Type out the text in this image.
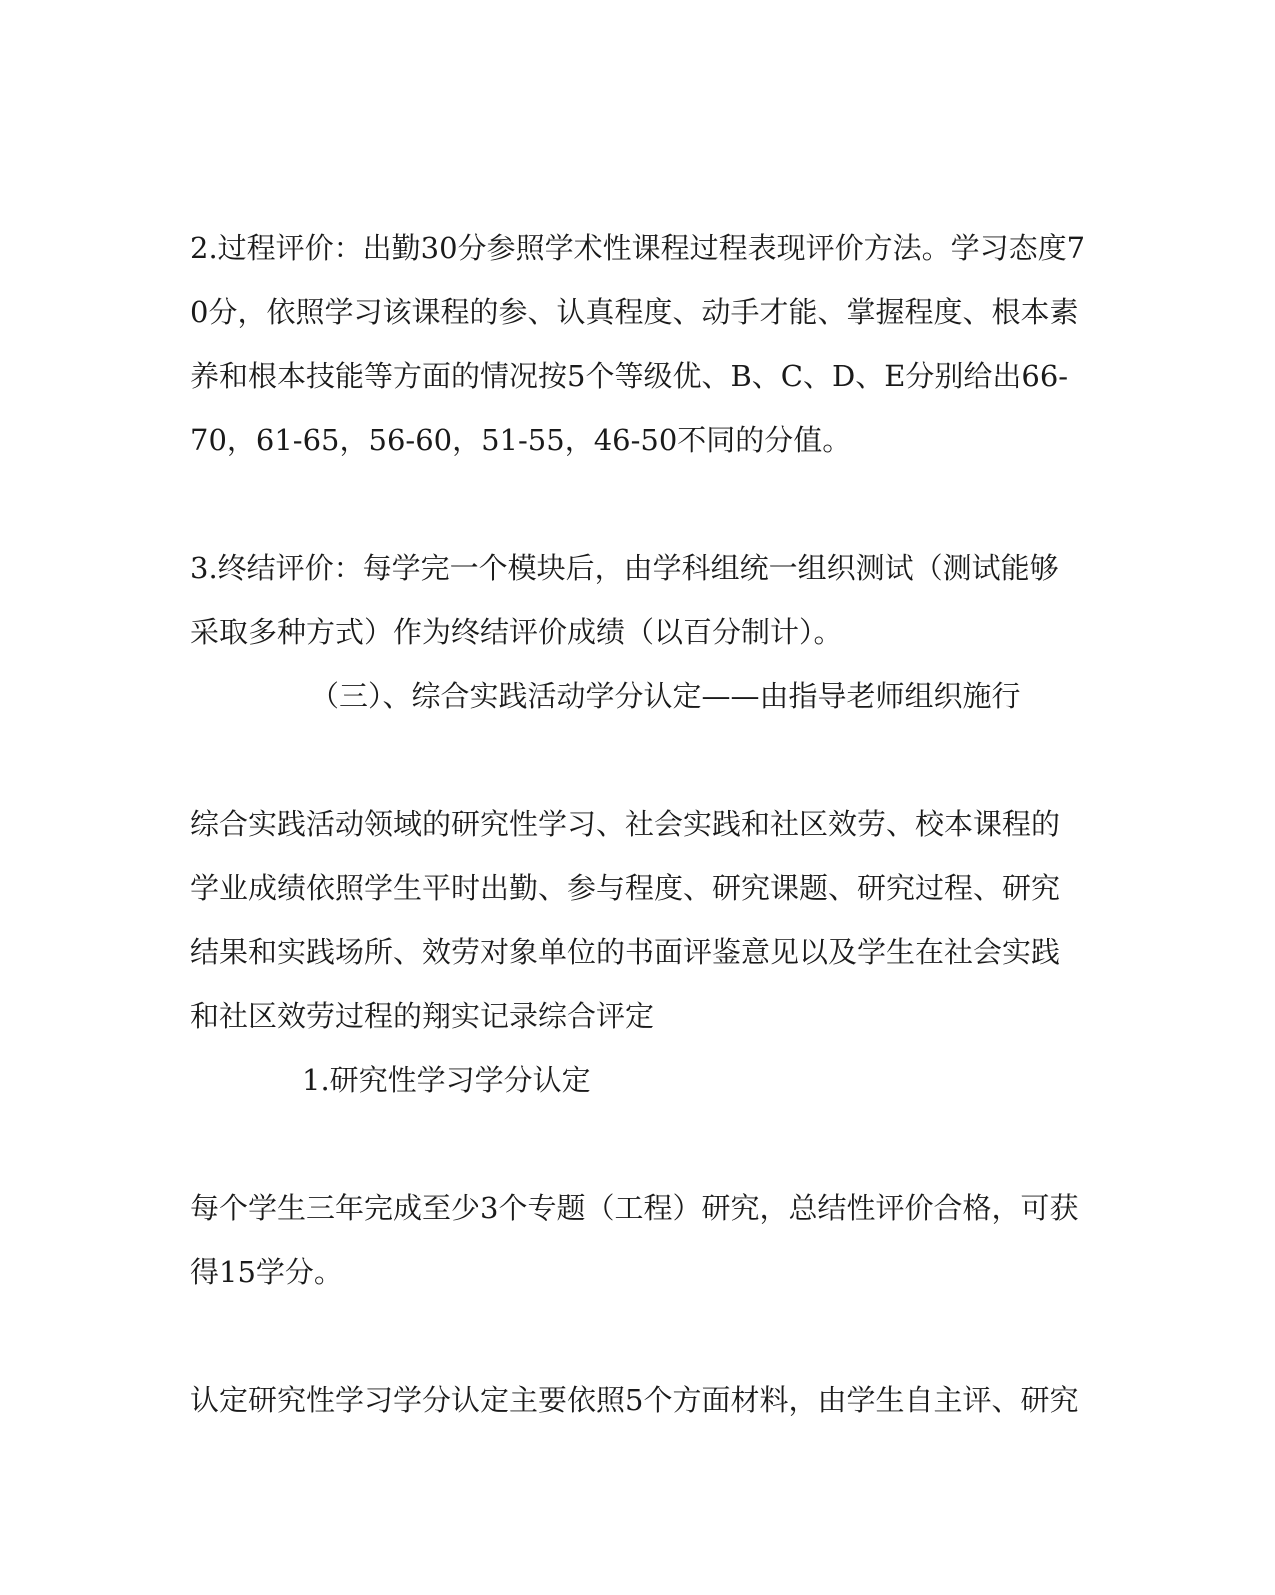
2.过程评价：出勤30分参照学术性课程过程表现评价方法。学习态度7

0分，依照学习该课程的参、认真程度、动手才能、掌握程度、根本素

养和根本技能等方面的情况按5个等级优、B、C、D、E分别给出66-

70，61-65，56-60，51-55，46-50不同的分值。

3.终结评价：每学完一个模块后，由学科组统一组织测试（测试能够

采取多种方式）作为终结评价成绩（以百分制计）。

（三）、综合实践活动学分认定——由指导老师组织施行

综合实践活动领域的研究性学习、社会实践和社区效劳、校本课程的

学业成绩依照学生平时出勤、参与程度、研究课题、研究过程、研究

结果和实践场所、效劳对象单位的书面评鉴意见以及学生在社会实践

和社区效劳过程的翔实记录综合评定

1.研究性学习学分认定

每个学生三年完成至少3个专题（工程）研究，总结性评价合格，可获

得15学分。

认定研究性学习学分认定主要依照5个方面材料，由学生自主评、研究
